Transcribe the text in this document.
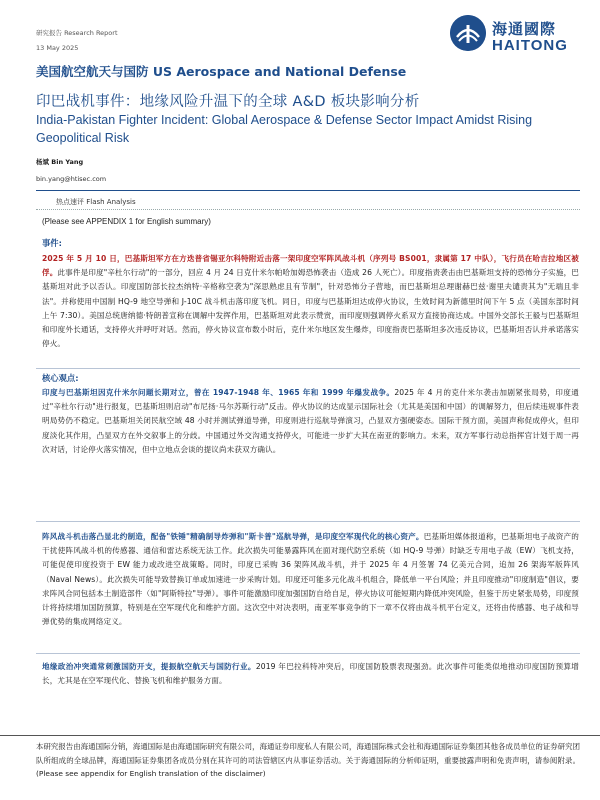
研究报告 Research Report
13 May 2025
海通國際
HAITONG
美国航空航天与国防 US Aerospace and National Defense
印巴战机事件：地缘风险升温下的全球 A&D 板块影响分析
India-Pakistan Fighter Incident: Global Aerospace & Defense Sector Impact Amidst Rising Geopolitical Risk
杨斌 Bin Yang
bin.yang@htisec.com
热点速评 Flash Analysis
(Please see APPENDIX 1 for English summary)
事件:
2025 年 5 月 10 日，巴基斯坦军方在方迭普省锡亚尔科特附近击落一架印度空军阵风战斗机（序列号 BS001，隶属第 17 中队），飞行员在哈吉拉地区被俘。此事件是印度"辛杜尔行动"的一部分，回应 4 月 24 日克什米尔帕哈加姆恐怖袭击（造成 26 人死亡）。印度指责袭击由巴基斯坦支持的恐怖分子实施，巴基斯坦对此予以否认。印度国防部长拉杰纳特·辛格称空袭为"深思熟虑且有节制"，针对恐怖分子营地，而巴基斯坦总理谢赫巴兹·谢里夫谴责其为"无端且非法"。并称使用中国制 HQ-9 地空导弹和 J-10C 战斗机击落印度飞机。同日，印度与巴基斯坦达成停火协议，生效时间为新德里时间下午 5 点（美国东部时间上午 7:30）。美国总统唐纳德·特朗普宣称在调解中发挥作用，巴基斯坦对此表示赞赏，而印度则强调停火系双方直接协商达成。中国外交部长王毅与巴基斯坦和印度外长通话，支持停火并呼吁对话。然而，停火协议宣布数小时后，克什米尔地区发生爆炸，印度指责巴基斯坦多次违反协议，巴基斯坦否认并承诺落实停火。
核心观点:
印度与巴基斯坦因克什米尔问题长期对立，曾在 1947-1948 年、1965 年和 1999 年爆发战争。2025 年 4 月的克什米尔袭击加剧紧张局势，印度通过"辛杜尔行动"进行报复，巴基斯坦则启动"布尼扬·马尔苏斯行动"反击。停火协议的达成显示国际社会（尤其是美国和中国）的调解努力，但后续违规事件表明局势仍不稳定。巴基斯坦关闭民航空域 48 小时并测试弹道导弹，印度则进行巡航导弹演习，凸显双方强硬姿态。国际干预方面，美国声称促成停火，但印度淡化其作用，凸显双方在外交叙事上的分歧。中国通过外交沟通支持停火，可能进一步扩大其在南亚的影响力。未来，双方军事行动总指挥官计划于周一再次对话，讨论停火落实情况，但中立地点会谈的提议尚未获双方确认。
阵风战斗机击落凸显北约制造，配备"铁锤"精确制导炸弹和"斯卡普"巡航导弹，是印度空军现代化的核心资产。巴基斯坦媒体报道称，巴基斯坦电子战资产的干扰使阵风战斗机的传感器、通信和雷达系统无法工作。此次损失可能暴露阵风在面对现代防空系统（如 HQ-9 导弹）时缺乏专用电子战（EW）飞机支持，可能促使印度投资于 EW 能力或改进空战策略。同时，印度已采购 36 架阵风战斗机，并于 2025 年 4 月签署 74 亿美元合同，追加 26 架海军版阵风（Naval News）。此次损失可能导致替换订单或加速进一步采购计划。印度还可能多元化战斗机组合，降低单一平台风险；并且印度推动"印度制造"倡议，要求阵风合同包括本土制造部件（如"阿斯特拉"导弹）。事件可能激励印度加强国防自给自足，停火协议可能短期内降低冲突风险，但鉴于历史紧张局势，印度预计将持续增加国防预算，特别是在空军现代化和维护方面。这次空中对决表明，南亚军事竞争的下一章不仅将由战斗机平台定义，还将由传感器、电子战和导弹优势的集成网络定义。
地缘政治冲突通常刺激国防开支，提振航空航天与国防行业。2019 年巴拉科特冲突后，印度国防股票表现强劲。此次事件可能类似地推动印度国防预算增长，尤其是在空军现代化、替换飞机和维护服务方面。
本研究报告由海通国际分销，海通国际是由海通国际研究有限公司，海通证券印度私人有限公司，海通国际株式会社和海通国际证券集团其他各成员单位的证券研究团队所组成的全球品牌，海通国际证券集团各成员分别在其许可的司法管辖区内从事证券活动。关于海通国际的分析师证明，重要披露声明和免责声明，请参阅附录。(Please see appendix for English translation of the disclaimer)
